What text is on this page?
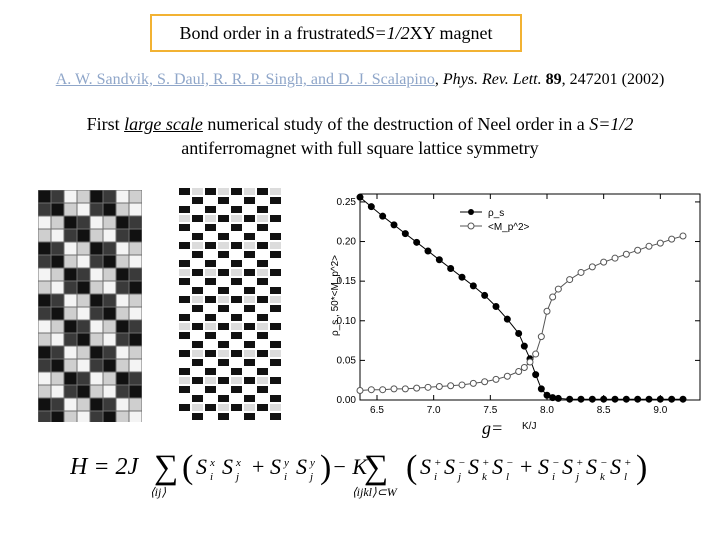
Bond order in a frustrated S=1/2 XY magnet
A. W. Sandvik, S. Daul, R. R. P. Singh, and D. J. Scalapino, Phys. Rev. Lett. 89, 247201 (2002)
First large scale numerical study of the destruction of Neel order in a S=1/2
antiferromagnet with full square lattice symmetry
6.5	7.0	7.5	8.0	8.5	9.0
0.00
0.05
0.10
0.15
0.20
0.25
ρ_s
<M_p^2>
ρ_s , 50*<M_p^2>
K/J
g=
H = 2J ∑
⟨ij⟩
( S x
i S x
j + S y
i S y
j ) − K
∑
⟨ijkl⟩⊂W
( S +
i S −
j S +
k S −
l + S −
i S +
j S −
k S +
l )
